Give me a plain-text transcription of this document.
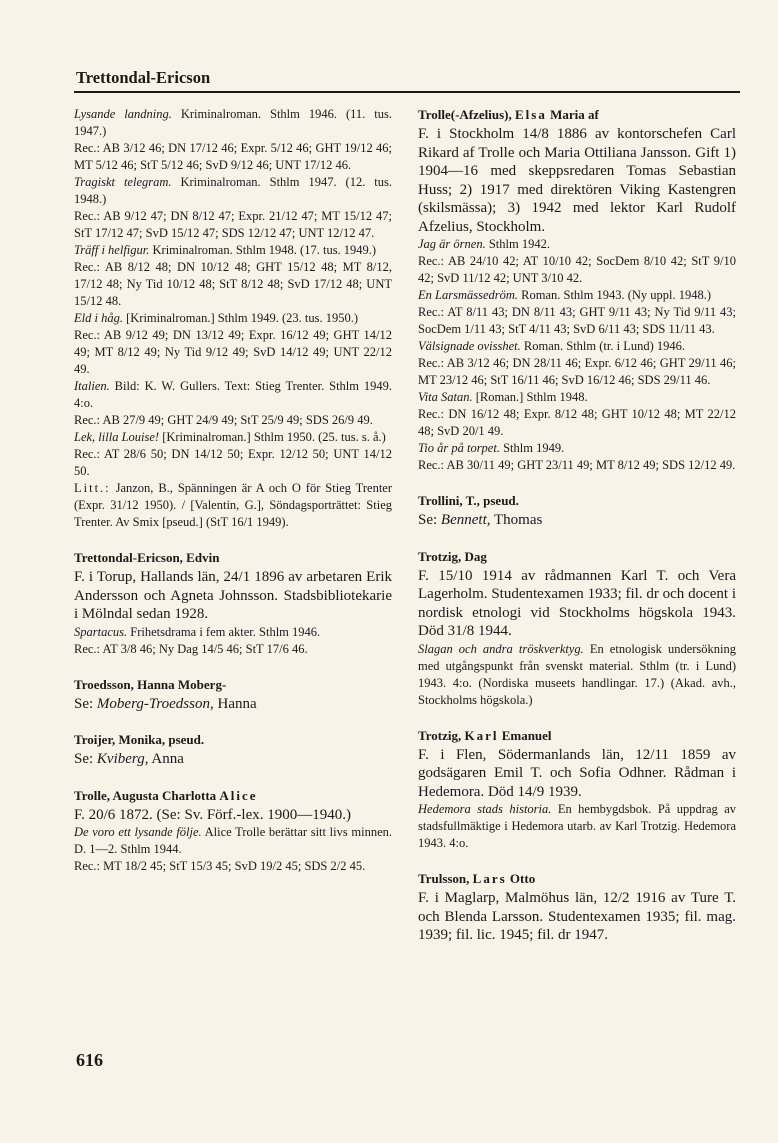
Trettondal-Ericson
Lysande landning. Kriminalroman. Sthlm 1946. (11. tus. 1947.)
Rec.: AB 3/12 46; DN 17/12 46; Expr. 5/12 46; GHT 19/12 46; MT 5/12 46; StT 5/12 46; SvD 9/12 46; UNT 17/12 46.
Tragiskt telegram. Kriminalroman. Sthlm 1947. (12. tus. 1948.)
Rec.: AB 9/12 47; DN 8/12 47; Expr. 21/12 47; MT 15/12 47; StT 17/12 47; SvD 15/12 47; SDS 12/12 47; UNT 12/12 47.
Träff i helfigur. Kriminalroman. Sthlm 1948. (17. tus. 1949.)
Rec.: AB 8/12 48; DN 10/12 48; GHT 15/12 48; MT 8/12, 17/12 48; Ny Tid 10/12 48; StT 8/12 48; SvD 17/12 48; UNT 15/12 48.
Eld i håg. [Kriminalroman.] Sthlm 1949. (23. tus. 1950.)
Rec.: AB 9/12 49; DN 13/12 49; Expr. 16/12 49; GHT 14/12 49; MT 8/12 49; Ny Tid 9/12 49; SvD 14/12 49; UNT 22/12 49.
Italien. Bild: K. W. Gullers. Text: Stieg Trenter. Sthlm 1949. 4:o.
Rec.: AB 27/9 49; GHT 24/9 49; StT 25/9 49; SDS 26/9 49.
Lek, lilla Louise! [Kriminalroman.] Sthlm 1950. (25. tus. s. å.)
Rec.: AT 28/6 50; DN 14/12 50; Expr. 12/12 50; UNT 14/12 50.
Litt.: Janzon, B., Spänningen är A och O för Stieg Trenter (Expr. 31/12 1950). / [Valentin, G.], Söndagsporträttet: Stieg Trenter. Av Smix [pseud.] (StT 16/1 1949).
Trettondal-Ericson, Edvin
F. i Torup, Hallands län, 24/1 1896 av arbetaren Erik Andersson och Agneta Johnsson. Stadsbibliotekarie i Mölndal sedan 1928.
Spartacus. Frihetsdrama i fem akter. Sthlm 1946.
Rec.: AT 3/8 46; Ny Dag 14/5 46; StT 17/6 46.
Troedsson, Hanna Moberg-
Se: Moberg-Troedsson, Hanna
Troijer, Monika, pseud.
Se: Kviberg, Anna
Trolle, Augusta Charlotta Alice
F. 20/6 1872. (Se: Sv. Förf.-lex. 1900—1940.)
De voro ett lysande följe. Alice Trolle berättar sitt livs minnen. D. 1—2. Sthlm 1944.
Rec.: MT 18/2 45; StT 15/3 45; SvD 19/2 45; SDS 2/2 45.
Trolle(-Afzelius), Elsa Maria af
F. i Stockholm 14/8 1886 av kontorschefen Carl Rikard af Trolle och Maria Ottiliana Jansson. Gift 1) 1904—16 med skeppsredaren Tomas Sebastian Huss; 2) 1917 med direktören Viking Kastengren (skilsmässa); 3) 1942 med lektor Karl Rudolf Afzelius, Stockholm.
Jag är örnen. Sthlm 1942.
Rec.: AB 24/10 42; AT 10/10 42; SocDem 8/10 42; StT 9/10 42; SvD 11/12 42; UNT 3/10 42.
En Larsmässedröm. Roman. Sthlm 1943. (Ny uppl. 1948.)
Rec.: AT 8/11 43; DN 8/11 43; GHT 9/11 43; Ny Tid 9/11 43; SocDem 1/11 43; StT 4/11 43; SvD 6/11 43; SDS 11/11 43.
Välsignade ovisshet. Roman. Sthlm (tr. i Lund) 1946.
Rec.: AB 3/12 46; DN 28/11 46; Expr. 6/12 46; GHT 29/11 46; MT 23/12 46; StT 16/11 46; SvD 16/12 46; SDS 29/11 46.
Vita Satan. [Roman.] Sthlm 1948.
Rec.: DN 16/12 48; Expr. 8/12 48; GHT 10/12 48; MT 22/12 48; SvD 20/1 49.
Tio år på torpet. Sthlm 1949.
Rec.: AB 30/11 49; GHT 23/11 49; MT 8/12 49; SDS 12/12 49.
Trollini, T., pseud.
Se: Bennett, Thomas
Trotzig, Dag
F. 15/10 1914 av rådmannen Karl T. och Vera Lagerholm. Studentexamen 1933; fil. dr och docent i nordisk etnologi vid Stockholms högskola 1943. Död 31/8 1944.
Slagan och andra tröskverktyg. En etnologisk undersökning med utgångspunkt från svenskt material. Sthlm (tr. i Lund) 1943. 4:o. (Nordiska museets handlingar. 17.) (Akad. avh., Stockholms högskola.)
Trotzig, Karl Emanuel
F. i Flen, Södermanlands län, 12/11 1859 av godsägaren Emil T. och Sofia Odhner. Rådman i Hedemora. Död 14/9 1939.
Hedemora stads historia. En hembygdsbok. På uppdrag av stadsfullmäktige i Hedemora utarb. av Karl Trotzig. Hedemora 1943. 4:o.
Trulsson, Lars Otto
F. i Maglarp, Malmöhus län, 12/2 1916 av Ture T. och Blenda Larsson. Studentexamen 1935; fil. mag. 1939; fil. lic. 1945; fil. dr 1947.
616
